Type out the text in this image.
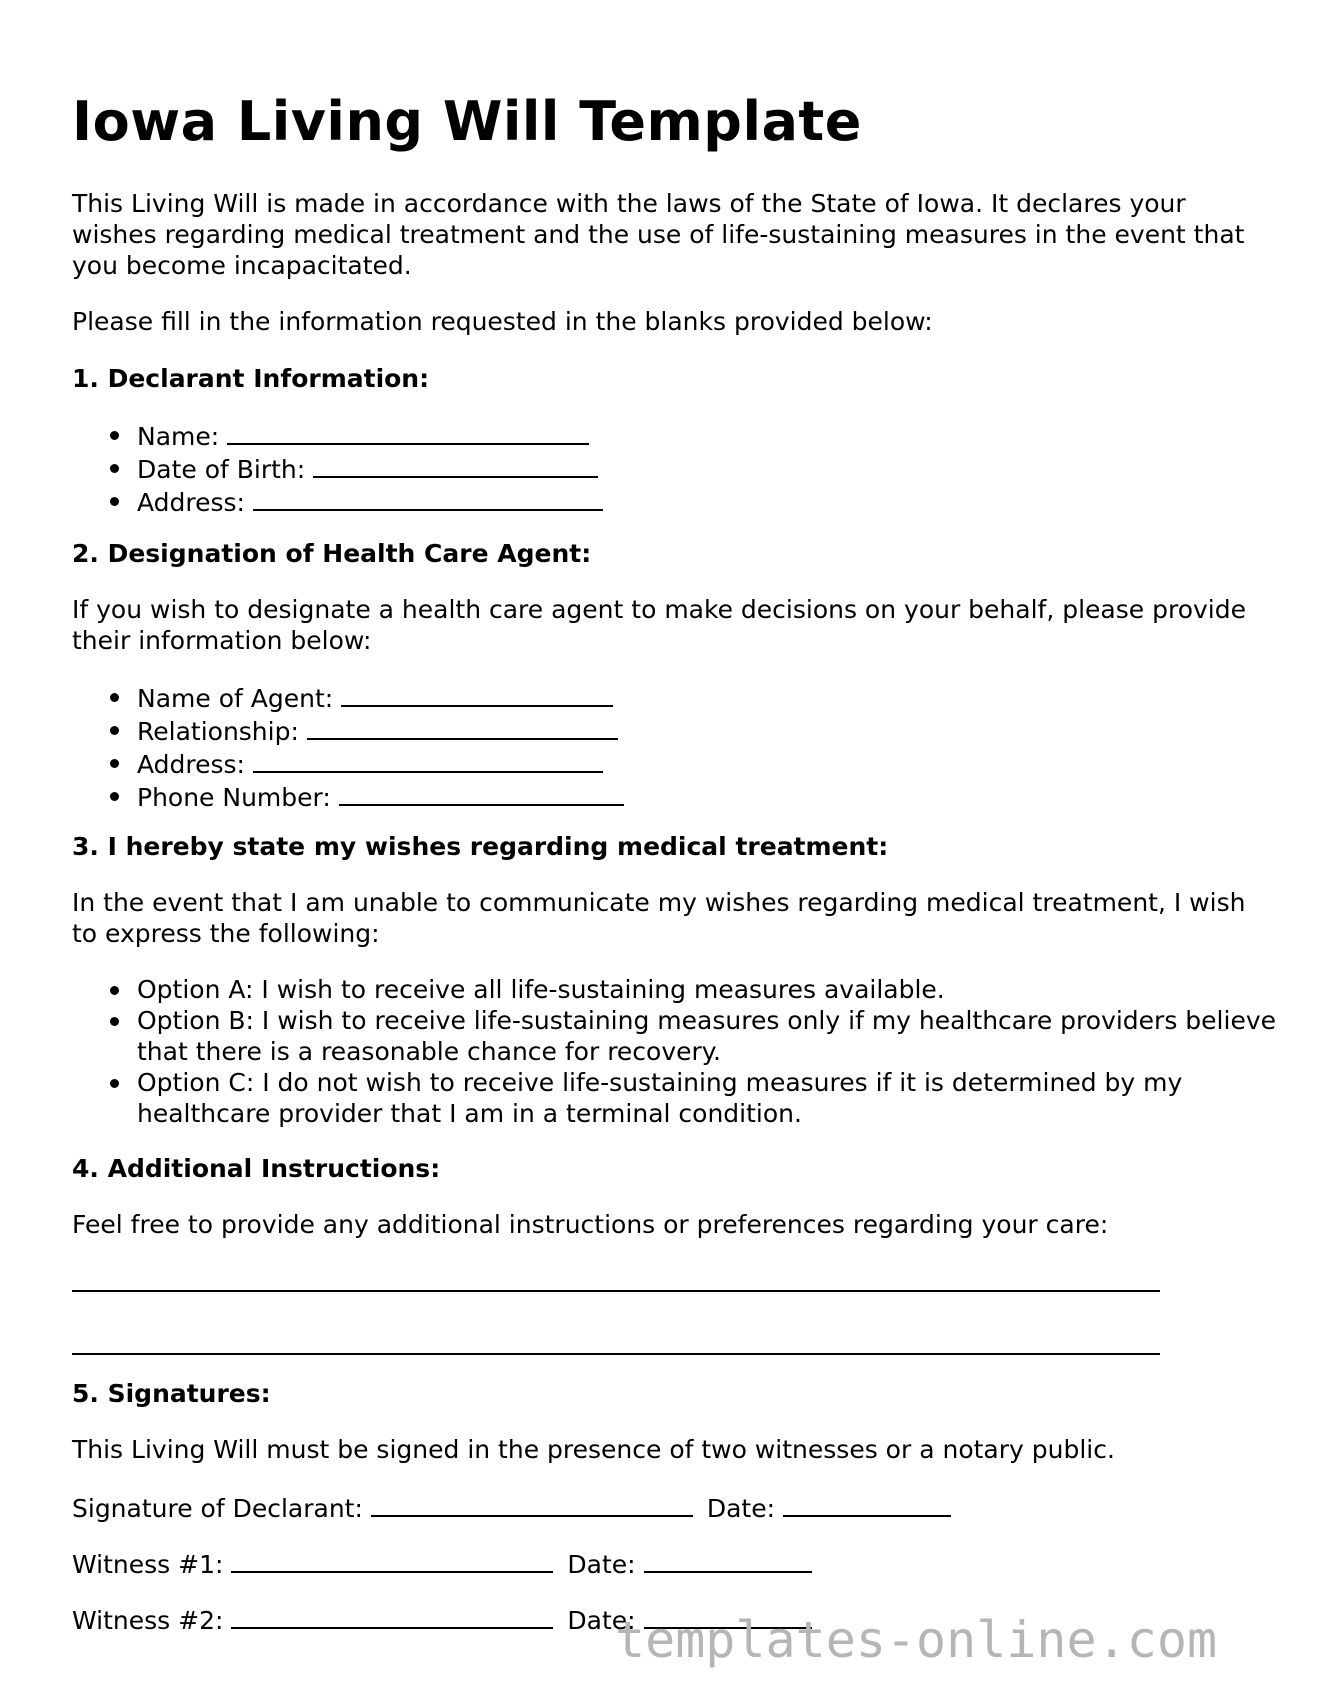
Iowa Living Will Template

This Living Will is made in accordance with the laws of the State of Iowa. It declares your wishes regarding medical treatment and the use of life-sustaining measures in the event that you become incapacitated.

Please fill in the information requested in the blanks provided below:

1. Declarant Information:

Name:
Date of Birth:
Address:

2. Designation of Health Care Agent:

If you wish to designate a health care agent to make decisions on your behalf, please provide their information below:

Name of Agent:
Relationship:
Address:
Phone Number:

3. I hereby state my wishes regarding medical treatment:

In the event that I am unable to communicate my wishes regarding medical treatment, I wish to express the following:

Option A: I wish to receive all life-sustaining measures available.
Option B: I wish to receive life-sustaining measures only if my healthcare providers believe that there is a reasonable chance for recovery.
Option C: I do not wish to receive life-sustaining measures if it is determined by my healthcare provider that I am in a terminal condition.

4. Additional Instructions:

Feel free to provide any additional instructions or preferences regarding your care:

5. Signatures:

This Living Will must be signed in the presence of two witnesses or a notary public.

Signature of Declarant:	Date:
Witness #1:	Date:
Witness #2:	Date:
templates-online.com
